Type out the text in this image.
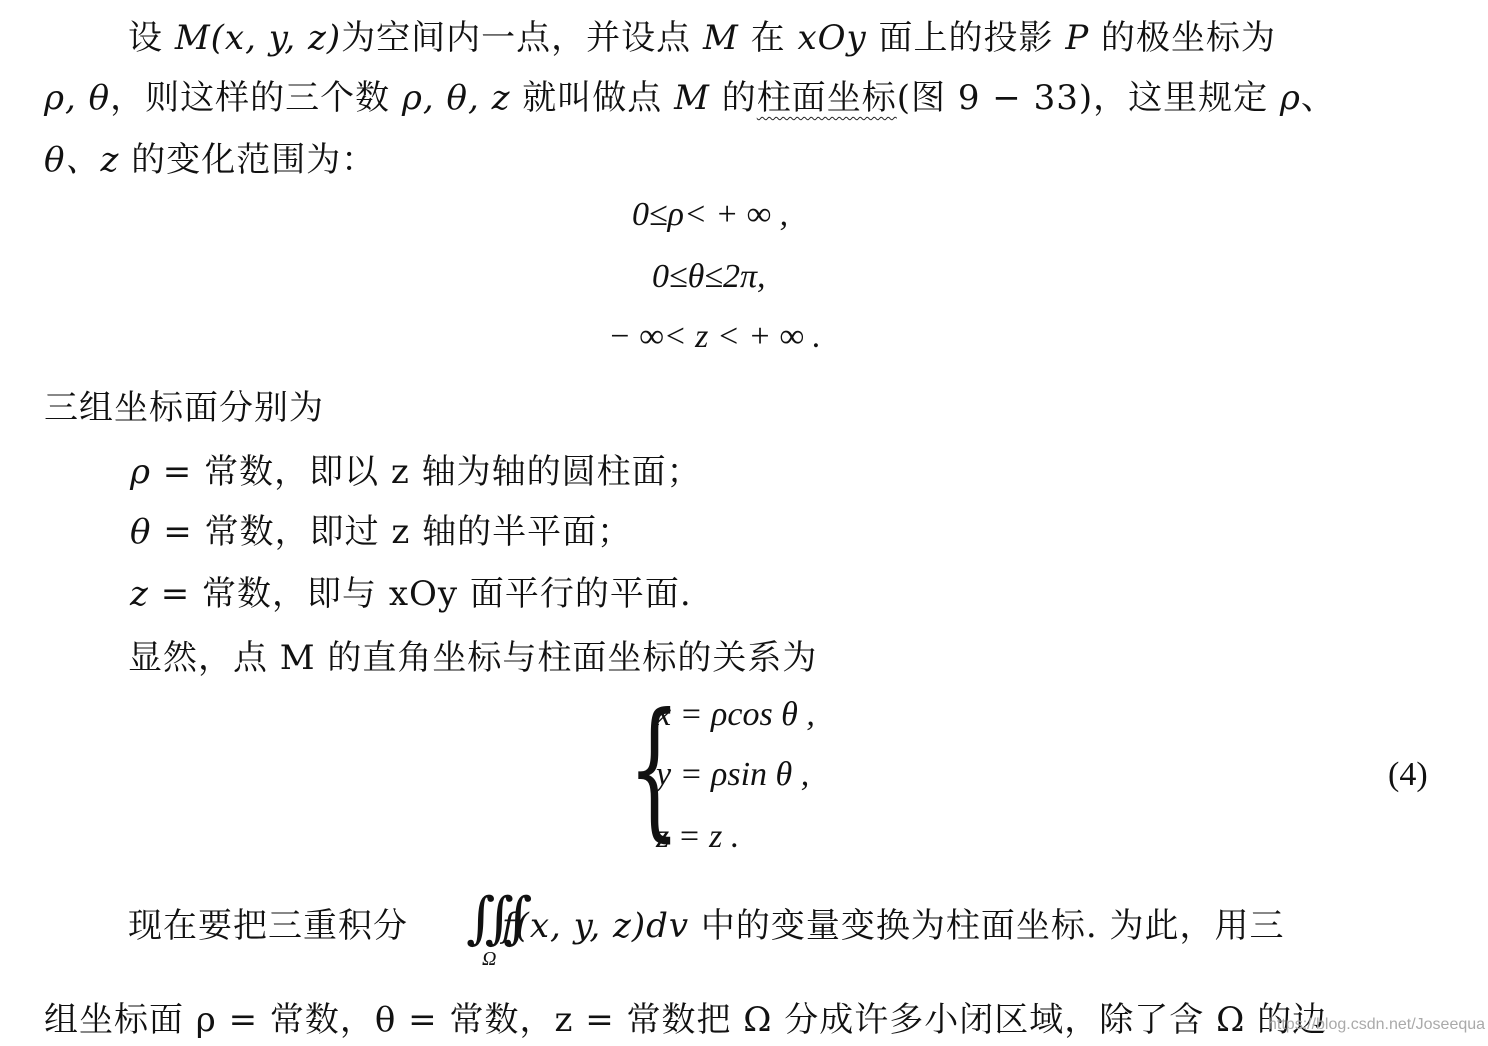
设 M(x, y, z)为空间内一点，并设点 M 在 xOy 面上的投影 P 的极坐标为
ρ, θ，则这样的三个数 ρ, θ, z 就叫做点 M 的柱面坐标(图 9 − 33)，这里规定 ρ、
θ、z 的变化范围为：
0≤ρ< + ∞ ,
0≤θ≤2π,
− ∞< z < + ∞ .
三组坐标面分别为
ρ = 常数，即以 z 轴为轴的圆柱面；
θ = 常数，即过 z 轴的半平面；
z = 常数，即与 xOy 面平行的平面.
显然，点 M 的直角坐标与柱面坐标的关系为
{
x = ρcos θ ,
y = ρsin θ ,
z = z .
(4)
现在要把三重积分 ∭
Ω
f(x, y, z)dv 中的变量变换为柱面坐标. 为此，用三
组坐标面 ρ = 常数，θ = 常数，z = 常数把 Ω 分成许多小闭区域，除了含 Ω 的边
https://blog.csdn.net/Joseequa
